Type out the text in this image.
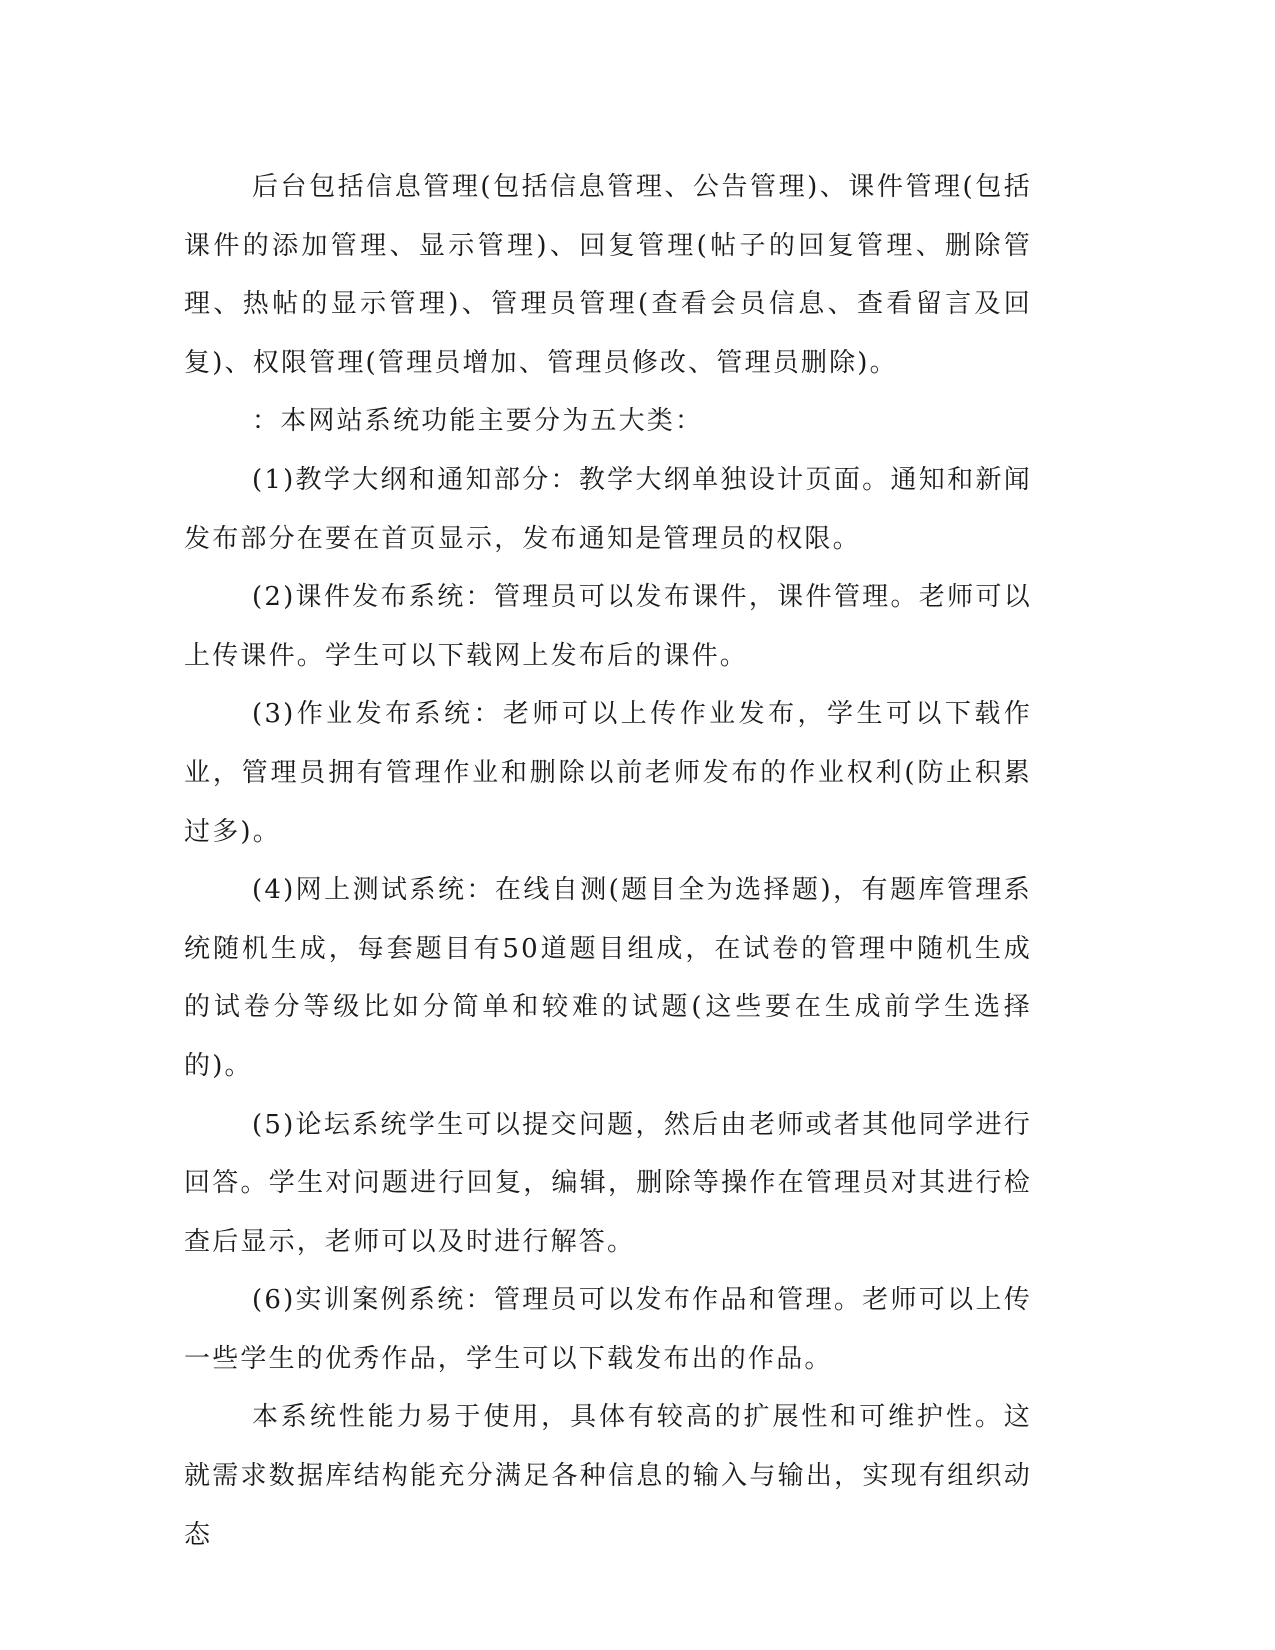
后台包括信息管理(包括信息管理、公告管理)、课件管理(包括课件的添加管理、显示管理)、回复管理(帖子的回复管理、删除管理、热帖的显示管理)、管理员管理(查看会员信息、查看留言及回复)、权限管理(管理员增加、管理员修改、管理员删除)。

：本网站系统功能主要分为五大类：

(1)教学大纲和通知部分：教学大纲单独设计页面。通知和新闻发布部分在要在首页显示，发布通知是管理员的权限。

(2)课件发布系统：管理员可以发布课件，课件管理。老师可以上传课件。学生可以下载网上发布后的课件。

(3)作业发布系统：老师可以上传作业发布，学生可以下载作业，管理员拥有管理作业和删除以前老师发布的作业权利(防止积累过多)。

(4)网上测试系统：在线自测(题目全为选择题)，有题库管理系统随机生成，每套题目有50道题目组成，在试卷的管理中随机生成的试卷分等级比如分简单和较难的试题(这些要在生成前学生选择的)。

(5)论坛系统学生可以提交问题，然后由老师或者其他同学进行回答。学生对问题进行回复，编辑，删除等操作在管理员对其进行检查后显示，老师可以及时进行解答。

(6)实训案例系统：管理员可以发布作品和管理。老师可以上传一些学生的优秀作品，学生可以下载发布出的作品。

本系统性能力易于使用，具体有较高的扩展性和可维护性。这就需求数据库结构能充分满足各种信息的输入与输出，实现有组织动态
